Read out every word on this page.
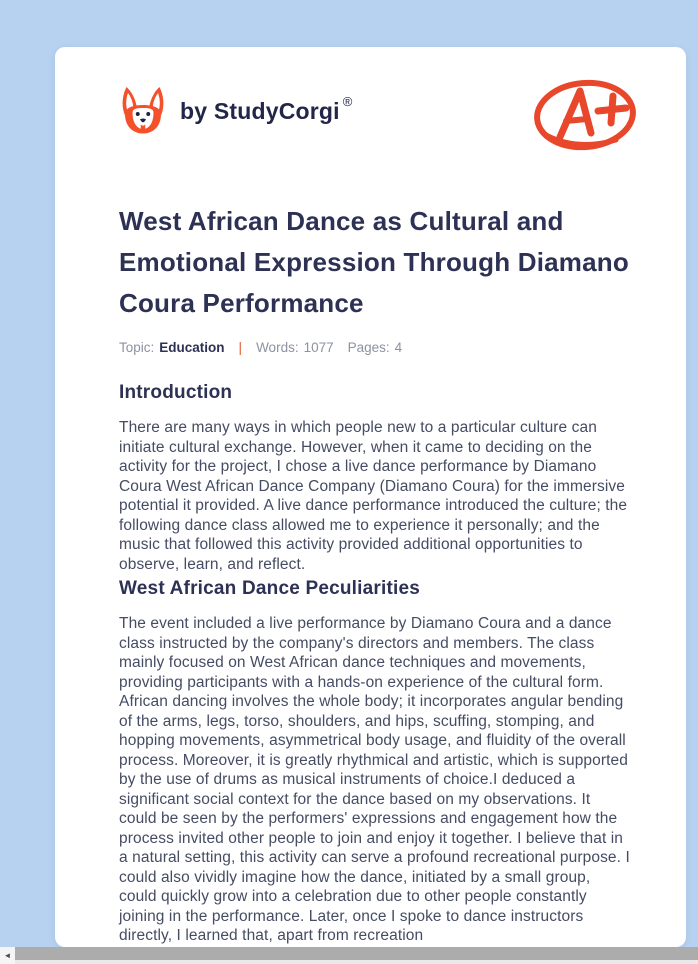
by StudyCorgi ®
West African Dance as Cultural and Emotional Expression Through Diamano Coura Performance
Topic: Education | Words: 1077 Pages: 4
Introduction

There are many ways in which people new to a particular culture can initiate cultural exchange. However, when it came to deciding on the activity for the project, I chose a live dance performance by Diamano Coura West African Dance Company (Diamano Coura) for the immersive potential it provided. A live dance performance introduced the culture; the following dance class allowed me to experience it personally; and the music that followed this activity provided additional opportunities to observe, learn, and reflect.

West African Dance Peculiarities

The event included a live performance by Diamano Coura and a dance class instructed by the company's directors and members. The class mainly focused on West African dance techniques and movements, providing participants with a hands-on experience of the cultural form. African dancing involves the whole body; it incorporates angular bending of the arms, legs, torso, shoulders, and hips, scuffing, stomping, and hopping movements, asymmetrical body usage, and fluidity of the overall process. Moreover, it is greatly rhythmical and artistic, which is supported by the use of drums as musical instruments of choice.I deduced a significant social context for the dance based on my observations. It could be seen by the performers' expressions and engagement how the process invited other people to join and enjoy it together. I believe that in a natural setting, this activity can serve a profound recreational purpose. I could also vividly imagine how the dance, initiated by a small group, could quickly grow into a celebration due to other people constantly joining in the performance. Later, once I spoke to dance instructors directly, I learned that, apart from recreation

◄
